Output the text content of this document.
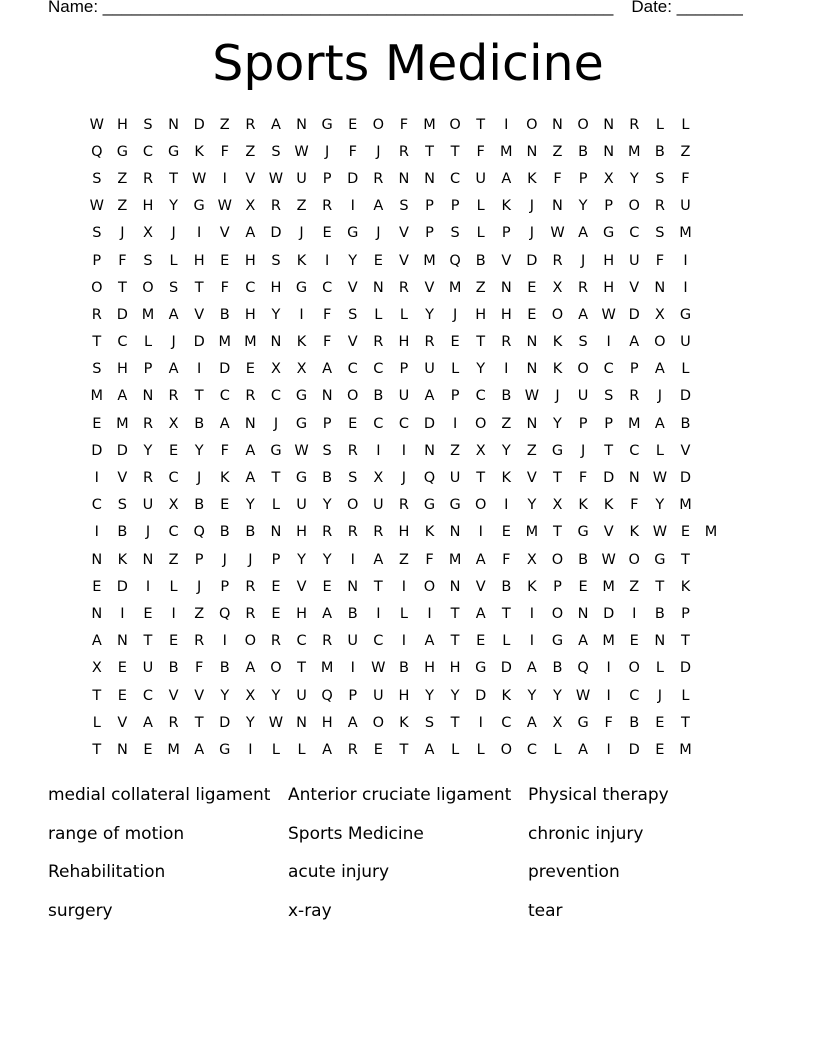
Name: ______________________________________________________ Date: _______
Sports Medicine
W H	S	N	D	Z	R	A	N	G	E	O	F	M O	T	I	O N O N	R	L	L
Q G	C	G	K	F	Z	S W	J	F	J	R	T	T	F	M N	Z	B	N M B	Z
S	Z	R	T W	I	V W U	P	D	R	N	N	C	U	A	K	F	P	X	Y	S	F
W Z	H	Y	G W X	R	Z	R	I	A	S	P	P	L	K	J	N	Y	P	O	R	U
S	J	X	J	I	V	A	D	J	E	G	J	V	P	S	L	P	J	W A	G	C	S	M
P	F	S	L	H	E	H	S	K	I	Y	E	V M Q	B	V	D	R	J	H	U	F	I
O	T	O	S	T	F	C	H	G	C	V	N	R	V M Z	N	E	X	R	H	V	N	I
R	D M A	V	B	H	Y	I	F	S	L	L	Y	J	H	H	E	O	A W D	X	G
T	C	L	J	D M M N	K	F	V	R	H	R	E	T	R	N	K	S	I	A	O	U
S	H	P	A	I	D	E	X	X	A	C	C	P	U	L	Y	I	N	K	O	C	P	A	L
M A	N	R	T	C	R	C	G	N O	B	U	A	P	C	B W	J	U	S	R	J	D
E	M R	X	B	A	N	J	G	P	E	C	C	D	I	O	Z	N	Y	P	P	M A	B
D D	Y	E	Y	F	A	G W S	R	I	I	N	Z	X	Y	Z	G	J	T	C	L	V
I	V	R	C	J	K	A	T	G	B	S	X	J	Q	U	T	K	V	T	F	D	N W D
C	S	U	X	B	E	Y	L	U	Y	O	U	R	G G O	I	Y	X	K	K	F	Y	M
I	B	J	C	Q	B	B	N	H	R	R	R	H	K	N	I	E	M	T	G	V	K W E	M
N	K	N	Z	P	J	J	P	Y	Y	I	A	Z	F	M A	F	X	O	B W O G	T
E	D	I	L	J	P	R	E	V	E	N	T	I	O N	V	B	K	P	E	M Z	T	K
N	I	E	I	Z	Q	R	E	H	A	B	I	L	I	T	A	T	I	O N	D	I	B	P
A	N	T	E	R	I	O	R	C	R	U	C	I	A	T	E	L	I	G	A M	E	N	T
X	E	U	B	F	B	A	O	T	M	I	W B	H	H	G D	A	B	Q	I	O	L	D
T	E	C	V	V	Y	X	Y	U	Q	P	U	H	Y	Y	D	K	Y	Y W	I	C	J	L
L	V	A	R	T	D	Y W N	H	A	O	K	S	T	I	C	A	X	G	F	B	E	T
T	N	E	M A	G	I	L	L	A	R	E	T	A	L	L	O	C	L	A	I	D	E	M
medial collateral ligament	Anterior cruciate ligament Physical therapy
range of motion	Sports Medicine	chronic injury
Rehabilitation	acute injury	prevention
surgery	x-ray	tear
